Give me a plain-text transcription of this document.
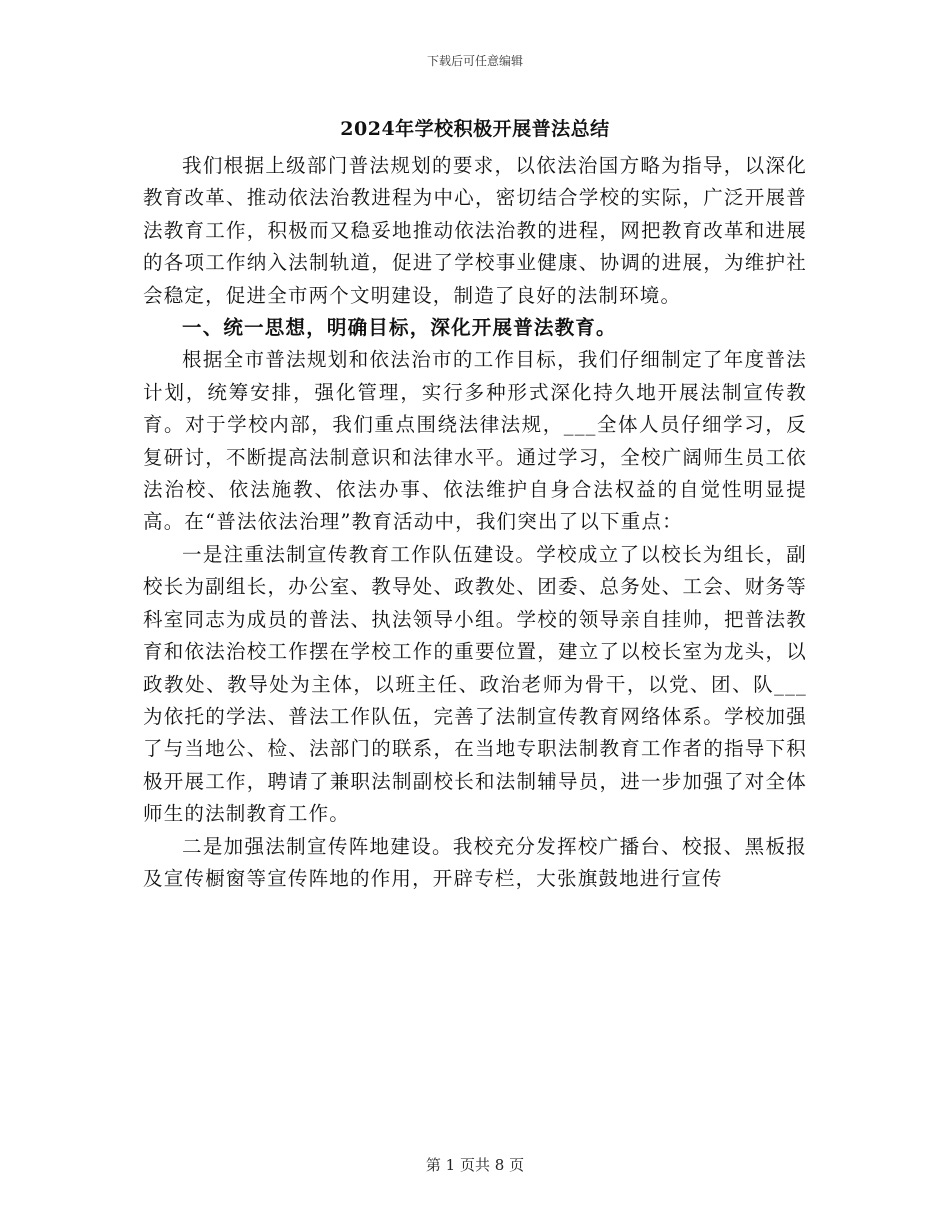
下载后可任意编辑
2024年学校积极开展普法总结

我们根据上级部门普法规划的要求，以依法治国方略为指导，以深化教育改革、推动依法治教进程为中心，密切结合学校的实际，广泛开展普法教育工作，积极而又稳妥地推动依法治教的进程，网把教育改革和进展的各项工作纳入法制轨道，促进了学校事业健康、协调的进展，为维护社会稳定，促进全市两个文明建设，制造了良好的法制环境。

一、统一思想，明确目标，深化开展普法教育。

根据全市普法规划和依法治市的工作目标，我们仔细制定了年度普法计划，统筹安排，强化管理，实行多种形式深化持久地开展法制宣传教育。对于学校内部，我们重点围绕法律法规，___全体人员仔细学习，反复研讨，不断提高法制意识和法律水平。通过学习，全校广阔师生员工依法治校、依法施教、依法办事、依法维护自身合法权益的自觉性明显提高。在“普法依法治理”教育活动中，我们突出了以下重点：

一是注重法制宣传教育工作队伍建设。学校成立了以校长为组长，副校长为副组长，办公室、教导处、政教处、团委、总务处、工会、财务等科室同志为成员的普法、执法领导小组。学校的领导亲自挂帅，把普法教育和依法治校工作摆在学校工作的重要位置，建立了以校长室为龙头，以政教处、教导处为主体，以班主任、政治老师为骨干，以党、团、队___为依托的学法、普法工作队伍，完善了法制宣传教育网络体系。学校加强了与当地公、检、法部门的联系，在当地专职法制教育工作者的指导下积极开展工作，聘请了兼职法制副校长和法制辅导员，进一步加强了对全体师生的法制教育工作。

二是加强法制宣传阵地建设。我校充分发挥校广播台、校报、黑板报及宣传橱窗等宣传阵地的作用，开辟专栏，大张旗鼓地进行宣传

第 1 页共 8 页
